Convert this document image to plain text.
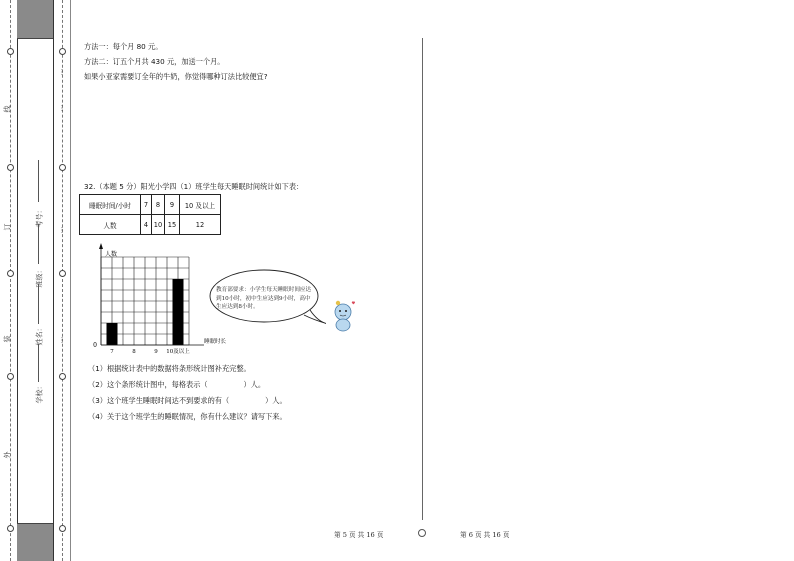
线
订
装
外
…
…
…
…
…
考号：
班级：
姓名：
学校：
方法一：每个月 80 元。
方法二：订五个月共 430 元，加送一个月。
如果小亚家需要订全年的牛奶，你觉得哪种订法比较便宜?
32.（本题 5 分）阳光小学四（1）班学生每天睡眠时间统计如下表：
睡眠时间/小时	7	8	9	10 及以上
人数	4	10	15	12
人数
睡眠时长
0
7	8	9 10及以上
教育部要求：小学生每天睡眠时间应达到10小时，初中生应达到9小时，高中生应达到8小时。
（1）根据统计表中的数据将条形统计图补充完整。
（2）这个条形统计图中，每格表示（　　　　　）人。
（3）这个班学生睡眠时间达不到要求的有（　　　　　）人。
（4）关于这个班学生的睡眠情况，你有什么建议？请写下来。
第 5 页 共 16 页	第 6 页 共 16 页
